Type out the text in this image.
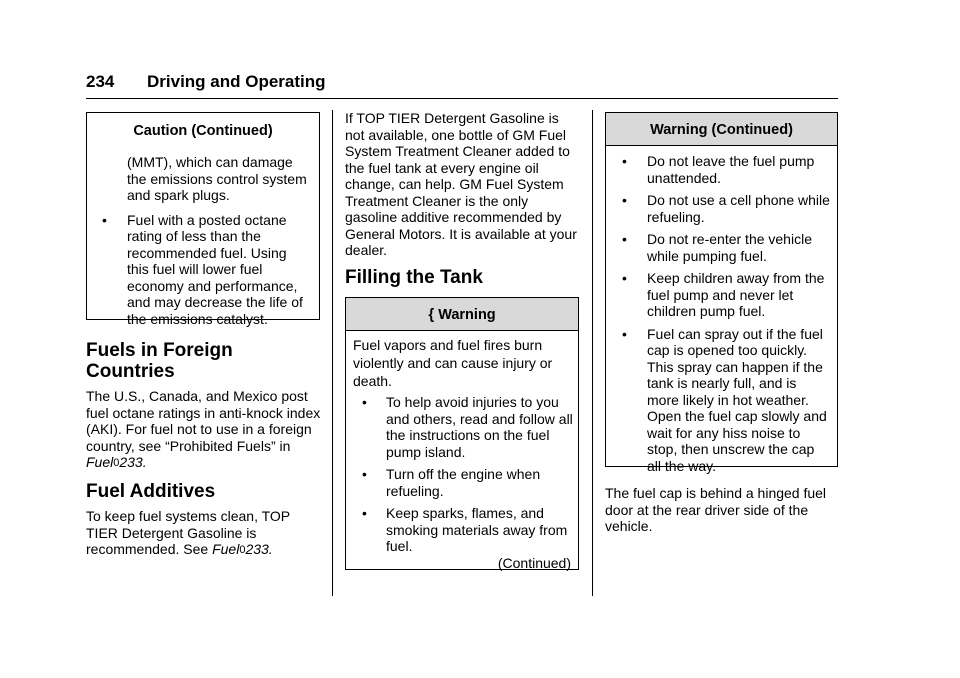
234 Driving and Operating
Caution (Continued)
(MMT), which can damage the emissions control system and spark plugs.
• Fuel with a posted octane rating of less than the recommended fuel. Using this fuel will lower fuel economy and performance, and may decrease the life of the emissions catalyst.
Fuels in Foreign
Countries
The U.S., Canada, and Mexico post fuel octane ratings in anti-knock index (AKI). For fuel not to use in a foreign country, see “Prohibited Fuels” in Fuel0233.
Fuel Additives
To keep fuel systems clean, TOP TIER Detergent Gasoline is recommended. See Fuel0233.
If TOP TIER Detergent Gasoline is not available, one bottle of GM Fuel System Treatment Cleaner added to the fuel tank at every engine oil change, can help. GM Fuel System Treatment Cleaner is the only gasoline additive recommended by General Motors. It is available at your dealer.
Filling the Tank
{ Warning
Fuel vapors and fuel fires burn violently and can cause injury or death.
• To help avoid injuries to you and others, read and follow all the instructions on the fuel pump island.
• Turn off the engine when refueling.
• Keep sparks, flames, and smoking materials away from fuel.
(Continued)
Warning (Continued)
• Do not leave the fuel pump unattended.
• Do not use a cell phone while refueling.
• Do not re-enter the vehicle while pumping fuel.
• Keep children away from the fuel pump and never let children pump fuel.
• Fuel can spray out if the fuel cap is opened too quickly. This spray can happen if the tank is nearly full, and is more likely in hot weather. Open the fuel cap slowly and wait for any hiss noise to stop, then unscrew the cap all the way.
The fuel cap is behind a hinged fuel door at the rear driver side of the vehicle.
